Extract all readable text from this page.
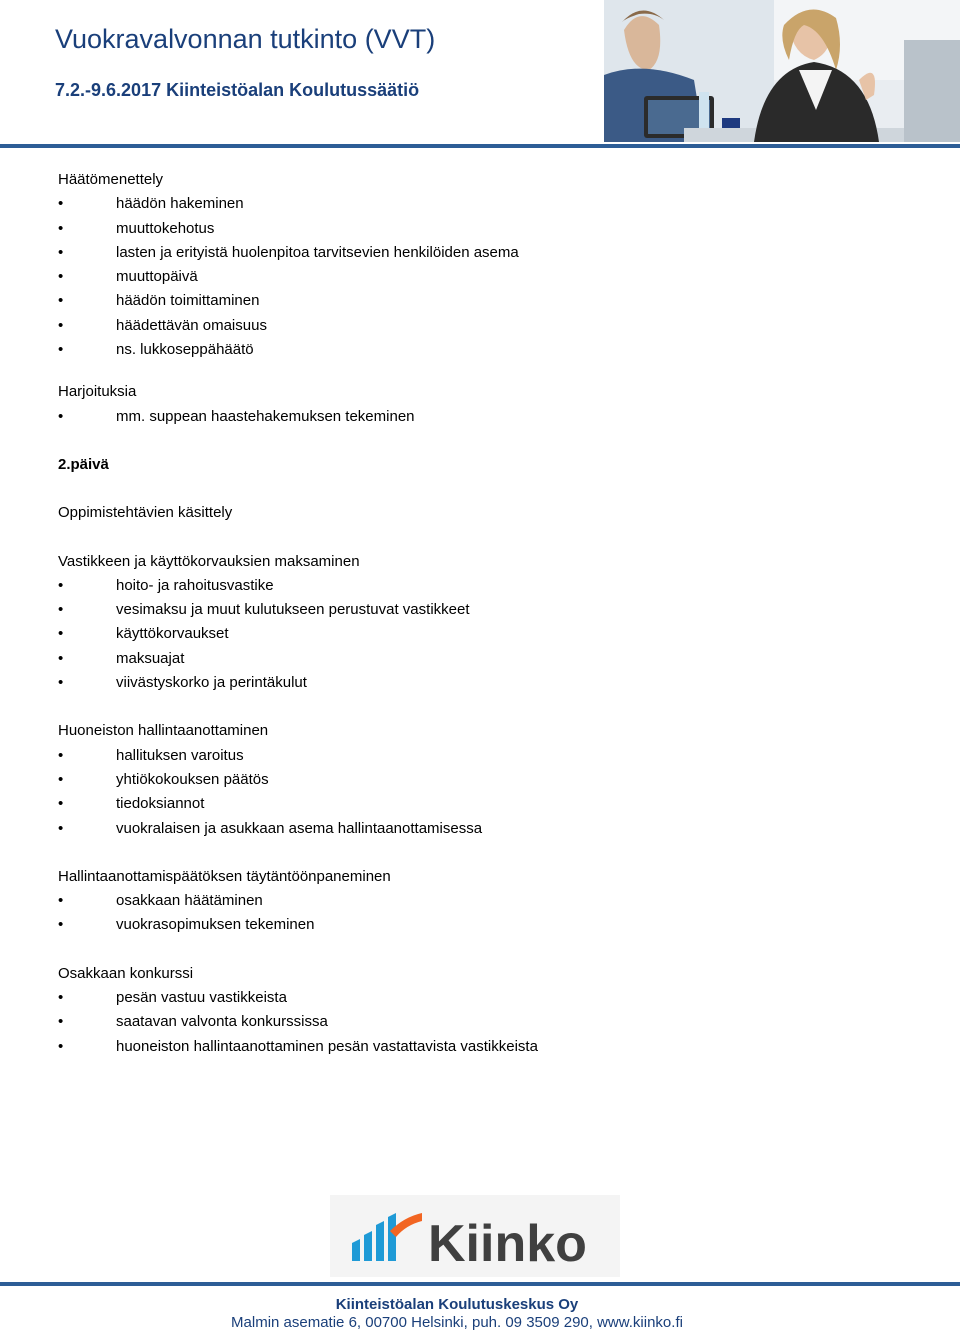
Vuokravalvonnan tutkinto (VVT)

7.2.-9.6.2017 Kiinteistöalan Koulutussäätiö

Häätömenettely

•	häädön hakeminen
•	muuttokehotus
•	lasten ja erityistä huolenpitoa tarvitsevien henkilöiden asema
•	muuttopäivä
•	häädön toimittaminen
•	häädettävän omaisuus
•	ns. lukkoseppähäätö

Harjoituksia

•	mm. suppean haastehakemuksen tekeminen

2.päivä

Oppimistehtävien käsittely

Vastikkeen ja käyttökorvauksien maksaminen

•	hoito- ja rahoitusvastike
•	vesimaksu ja muut kulutukseen perustuvat vastikkeet
•	käyttökorvaukset
•	maksuajat
•	viivästyskorko ja perintäkulut

Huoneiston hallintaanottaminen

•	hallituksen varoitus
•	yhtiökokouksen päätös
•	tiedoksiannot
•	vuokralaisen ja asukkaan asema hallintaanottamisessa

Hallintaanottamispäätöksen täytäntöönpaneminen

•	osakkaan häätäminen
•	vuokrasopimuksen tekeminen

Osakkaan konkurssi

•	pesän vastuu vastikkeista
•	saatavan valvonta konkurssissa
•	huoneiston hallintaanottaminen pesän vastattavista vastikkeista
Kiinko
Kiinteistöalan Koulutuskeskus Oy
Malmin asematie 6, 00700 Helsinki, puh. 09 3509 290, www.kiinko.fi
